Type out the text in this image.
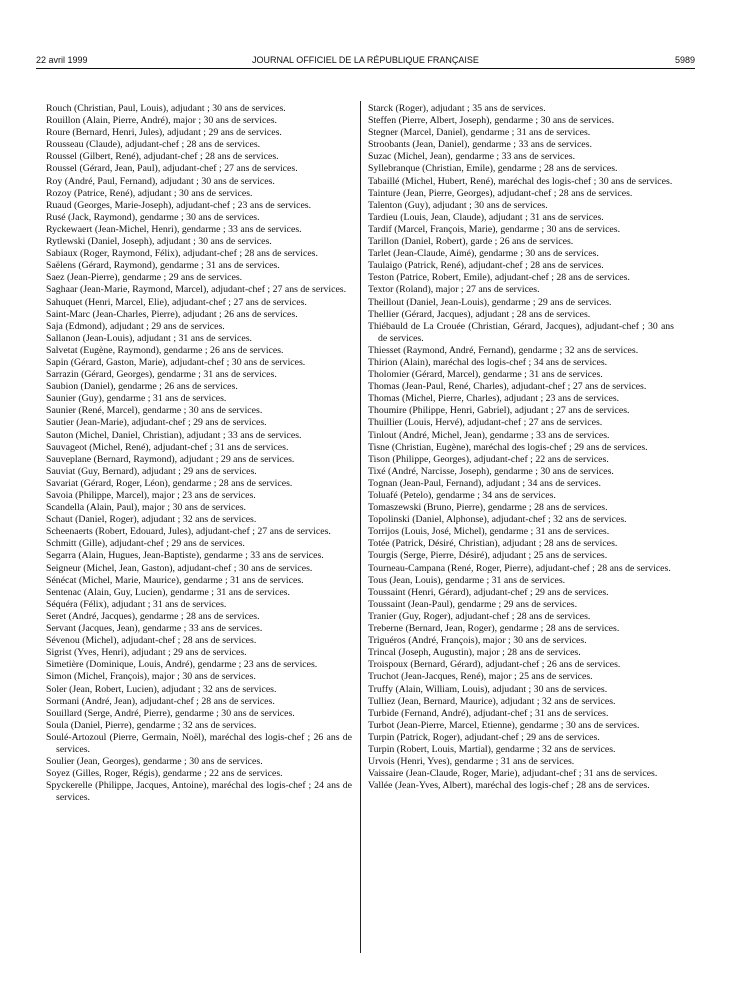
22 avril 1999	JOURNAL OFFICIEL DE LA RÉPUBLIQUE FRANÇAISE	5989

Rouch (Christian, Paul, Louis), adjudant ; 30 ans de services.

Rouillon (Alain, Pierre, André), major ; 30 ans de services.

Roure (Bernard, Henri, Jules), adjudant ; 29 ans de services.

Rousseau (Claude), adjudant-chef ; 28 ans de services.

Roussel (Gilbert, René), adjudant-chef ; 28 ans de services.

Roussel (Gérard, Jean, Paul), adjudant-chef ; 27 ans de services.

Roy (André, Paul, Fernand), adjudant ; 30 ans de services.

Rozoy (Patrice, René), adjudant ; 30 ans de services.

Ruaud (Georges, Marie-Joseph), adjudant-chef ; 23 ans de services.

Rusé (Jack, Raymond), gendarme ; 30 ans de services.

Ryckewaert (Jean-Michel, Henri), gendarme ; 33 ans de services.

Rytlewski (Daniel, Joseph), adjudant ; 30 ans de services.

Sabiaux (Roger, Raymond, Félix), adjudant-chef ; 28 ans de services.

Saëlens (Gérard, Raymond), gendarme ; 31 ans de services.

Saez (Jean-Pierre), gendarme ; 29 ans de services.

Saghaar (Jean-Marie, Raymond, Marcel), adjudant-chef ; 27 ans de services.

Sahuquet (Henri, Marcel, Elie), adjudant-chef ; 27 ans de services.

Saint-Marc (Jean-Charles, Pierre), adjudant ; 26 ans de services.

Saja (Edmond), adjudant ; 29 ans de services.

Sallanon (Jean-Louis), adjudant ; 31 ans de services.

Salvetat (Eugène, Raymond), gendarme ; 26 ans de services.

Sapin (Gérard, Gaston, Marie), adjudant-chef ; 30 ans de services.

Sarrazin (Gérard, Georges), gendarme ; 31 ans de services.

Saubion (Daniel), gendarme ; 26 ans de services.

Saunier (Guy), gendarme ; 31 ans de services.

Saunier (René, Marcel), gendarme ; 30 ans de services.

Sautier (Jean-Marie), adjudant-chef ; 29 ans de services.

Sauton (Michel, Daniel, Christian), adjudant ; 33 ans de services.

Sauvageot (Michel, René), adjudant-chef ; 31 ans de services.

Sauveplane (Bernard, Raymond), adjudant ; 29 ans de services.

Sauviat (Guy, Bernard), adjudant ; 29 ans de services.

Savariat (Gérard, Roger, Léon), gendarme ; 28 ans de services.

Savoia (Philippe, Marcel), major ; 23 ans de services.

Scandella (Alain, Paul), major ; 30 ans de services.

Schaut (Daniel, Roger), adjudant ; 32 ans de services.

Scheenaerts (Robert, Edouard, Jules), adjudant-chef ; 27 ans de services.

Schmitt (Gille), adjudant-chef ; 29 ans de services.

Segarra (Alain, Hugues, Jean-Baptiste), gendarme ; 33 ans de services.

Seigneur (Michel, Jean, Gaston), adjudant-chef ; 30 ans de services.

Sénécat (Michel, Marie, Maurice), gendarme ; 31 ans de services.

Sentenac (Alain, Guy, Lucien), gendarme ; 31 ans de services.

Séquéra (Félix), adjudant ; 31 ans de services.

Seret (André, Jacques), gendarme ; 28 ans de services.

Servant (Jacques, Jean), gendarme ; 33 ans de services.

Sévenou (Michel), adjudant-chef ; 28 ans de services.

Sigrist (Yves, Henri), adjudant ; 29 ans de services.

Simetière (Dominique, Louis, André), gendarme ; 23 ans de services.

Simon (Michel, François), major ; 30 ans de services.

Soler (Jean, Robert, Lucien), adjudant ; 32 ans de services.

Sormani (André, Jean), adjudant-chef ; 28 ans de services.

Souillard (Serge, André, Pierre), gendarme ; 30 ans de services.

Soula (Daniel, Pierre), gendarme ; 32 ans de services.

Soulé-Artozoul (Pierre, Germain, Noël), maréchal des logis-chef ; 26 ans de services.

Soulier (Jean, Georges), gendarme ; 30 ans de services.

Soyez (Gilles, Roger, Régis), gendarme ; 22 ans de services.

Spyckerelle (Philippe, Jacques, Antoine), maréchal des logis-chef ; 24 ans de services.

Starck (Roger), adjudant ; 35 ans de services.

Steffen (Pierre, Albert, Joseph), gendarme ; 30 ans de services.

Stegner (Marcel, Daniel), gendarme ; 31 ans de services.

Stroobants (Jean, Daniel), gendarme ; 33 ans de services.

Suzac (Michel, Jean), gendarme ; 33 ans de services.

Syllebranque (Christian, Emile), gendarme ; 28 ans de services.

Tabaillé (Michel, Hubert, René), maréchal des logis-chef ; 30 ans de services.

Tainture (Jean, Pierre, Georges), adjudant-chef ; 28 ans de services.

Talenton (Guy), adjudant ; 30 ans de services.

Tardieu (Louis, Jean, Claude), adjudant ; 31 ans de services.

Tardif (Marcel, François, Marie), gendarme ; 30 ans de services.

Tarillon (Daniel, Robert), garde ; 26 ans de services.

Tarlet (Jean-Claude, Aimé), gendarme ; 30 ans de services.

Taulaigo (Patrick, René), adjudant-chef ; 28 ans de services.

Teston (Patrice, Robert, Emile), adjudant-chef ; 28 ans de services.

Textor (Roland), major ; 27 ans de services.

Theillout (Daniel, Jean-Louis), gendarme ; 29 ans de services.

Thellier (Gérard, Jacques), adjudant ; 28 ans de services.

Thiébauld de La Crouée (Christian, Gérard, Jacques), adjudant-chef ; 30 ans de services.

Thiesset (Raymond, André, Fernand), gendarme ; 32 ans de services.

Thirion (Alain), maréchal des logis-chef ; 34 ans de services.

Tholomier (Gérard, Marcel), gendarme ; 31 ans de services.

Thomas (Jean-Paul, René, Charles), adjudant-chef ; 27 ans de services.

Thomas (Michel, Pierre, Charles), adjudant ; 23 ans de services.

Thoumire (Philippe, Henri, Gabriel), adjudant ; 27 ans de services.

Thuillier (Louis, Hervé), adjudant-chef ; 27 ans de services.

Tinlout (André, Michel, Jean), gendarme ; 33 ans de services.

Tisne (Christian, Eugène), maréchal des logis-chef ; 29 ans de services.

Tison (Philippe, Georges), adjudant-chef ; 22 ans de services.

Tixé (André, Narcisse, Joseph), gendarme ; 30 ans de services.

Tognan (Jean-Paul, Fernand), adjudant ; 34 ans de services.

Toluafé (Petelo), gendarme ; 34 ans de services.

Tomaszewski (Bruno, Pierre), gendarme ; 28 ans de services.

Topolinski (Daniel, Alphonse), adjudant-chef ; 32 ans de services.

Torrijos (Louis, José, Michel), gendarme ; 31 ans de services.

Totée (Patrick, Désiré, Christian), adjudant ; 28 ans de services.

Tourgis (Serge, Pierre, Désiré), adjudant ; 25 ans de services.

Tourneau-Campana (René, Roger, Pierre), adjudant-chef ; 28 ans de services.

Tous (Jean, Louis), gendarme ; 31 ans de services.

Toussaint (Henri, Gérard), adjudant-chef ; 29 ans de services.

Toussaint (Jean-Paul), gendarme ; 29 ans de services.

Tranier (Guy, Roger), adjudant-chef ; 28 ans de services.

Treberne (Bernard, Jean, Roger), gendarme ; 28 ans de services.

Triguéros (André, François), major ; 30 ans de services.

Trincal (Joseph, Augustin), major ; 28 ans de services.

Troispoux (Bernard, Gérard), adjudant-chef ; 26 ans de services.

Truchot (Jean-Jacques, René), major ; 25 ans de services.

Truffy (Alain, William, Louis), adjudant ; 30 ans de services.

Tulliez (Jean, Bernard, Maurice), adjudant ; 32 ans de services.

Turbide (Fernand, André), adjudant-chef ; 31 ans de services.

Turbot (Jean-Pierre, Marcel, Etienne), gendarme ; 30 ans de services.

Turpin (Patrick, Roger), adjudant-chef ; 29 ans de services.

Turpin (Robert, Louis, Martial), gendarme ; 32 ans de services.

Urvois (Henri, Yves), gendarme ; 31 ans de services.

Vaissaire (Jean-Claude, Roger, Marie), adjudant-chef ; 31 ans de services.

Vallée (Jean-Yves, Albert), maréchal des logis-chef ; 28 ans de services.
